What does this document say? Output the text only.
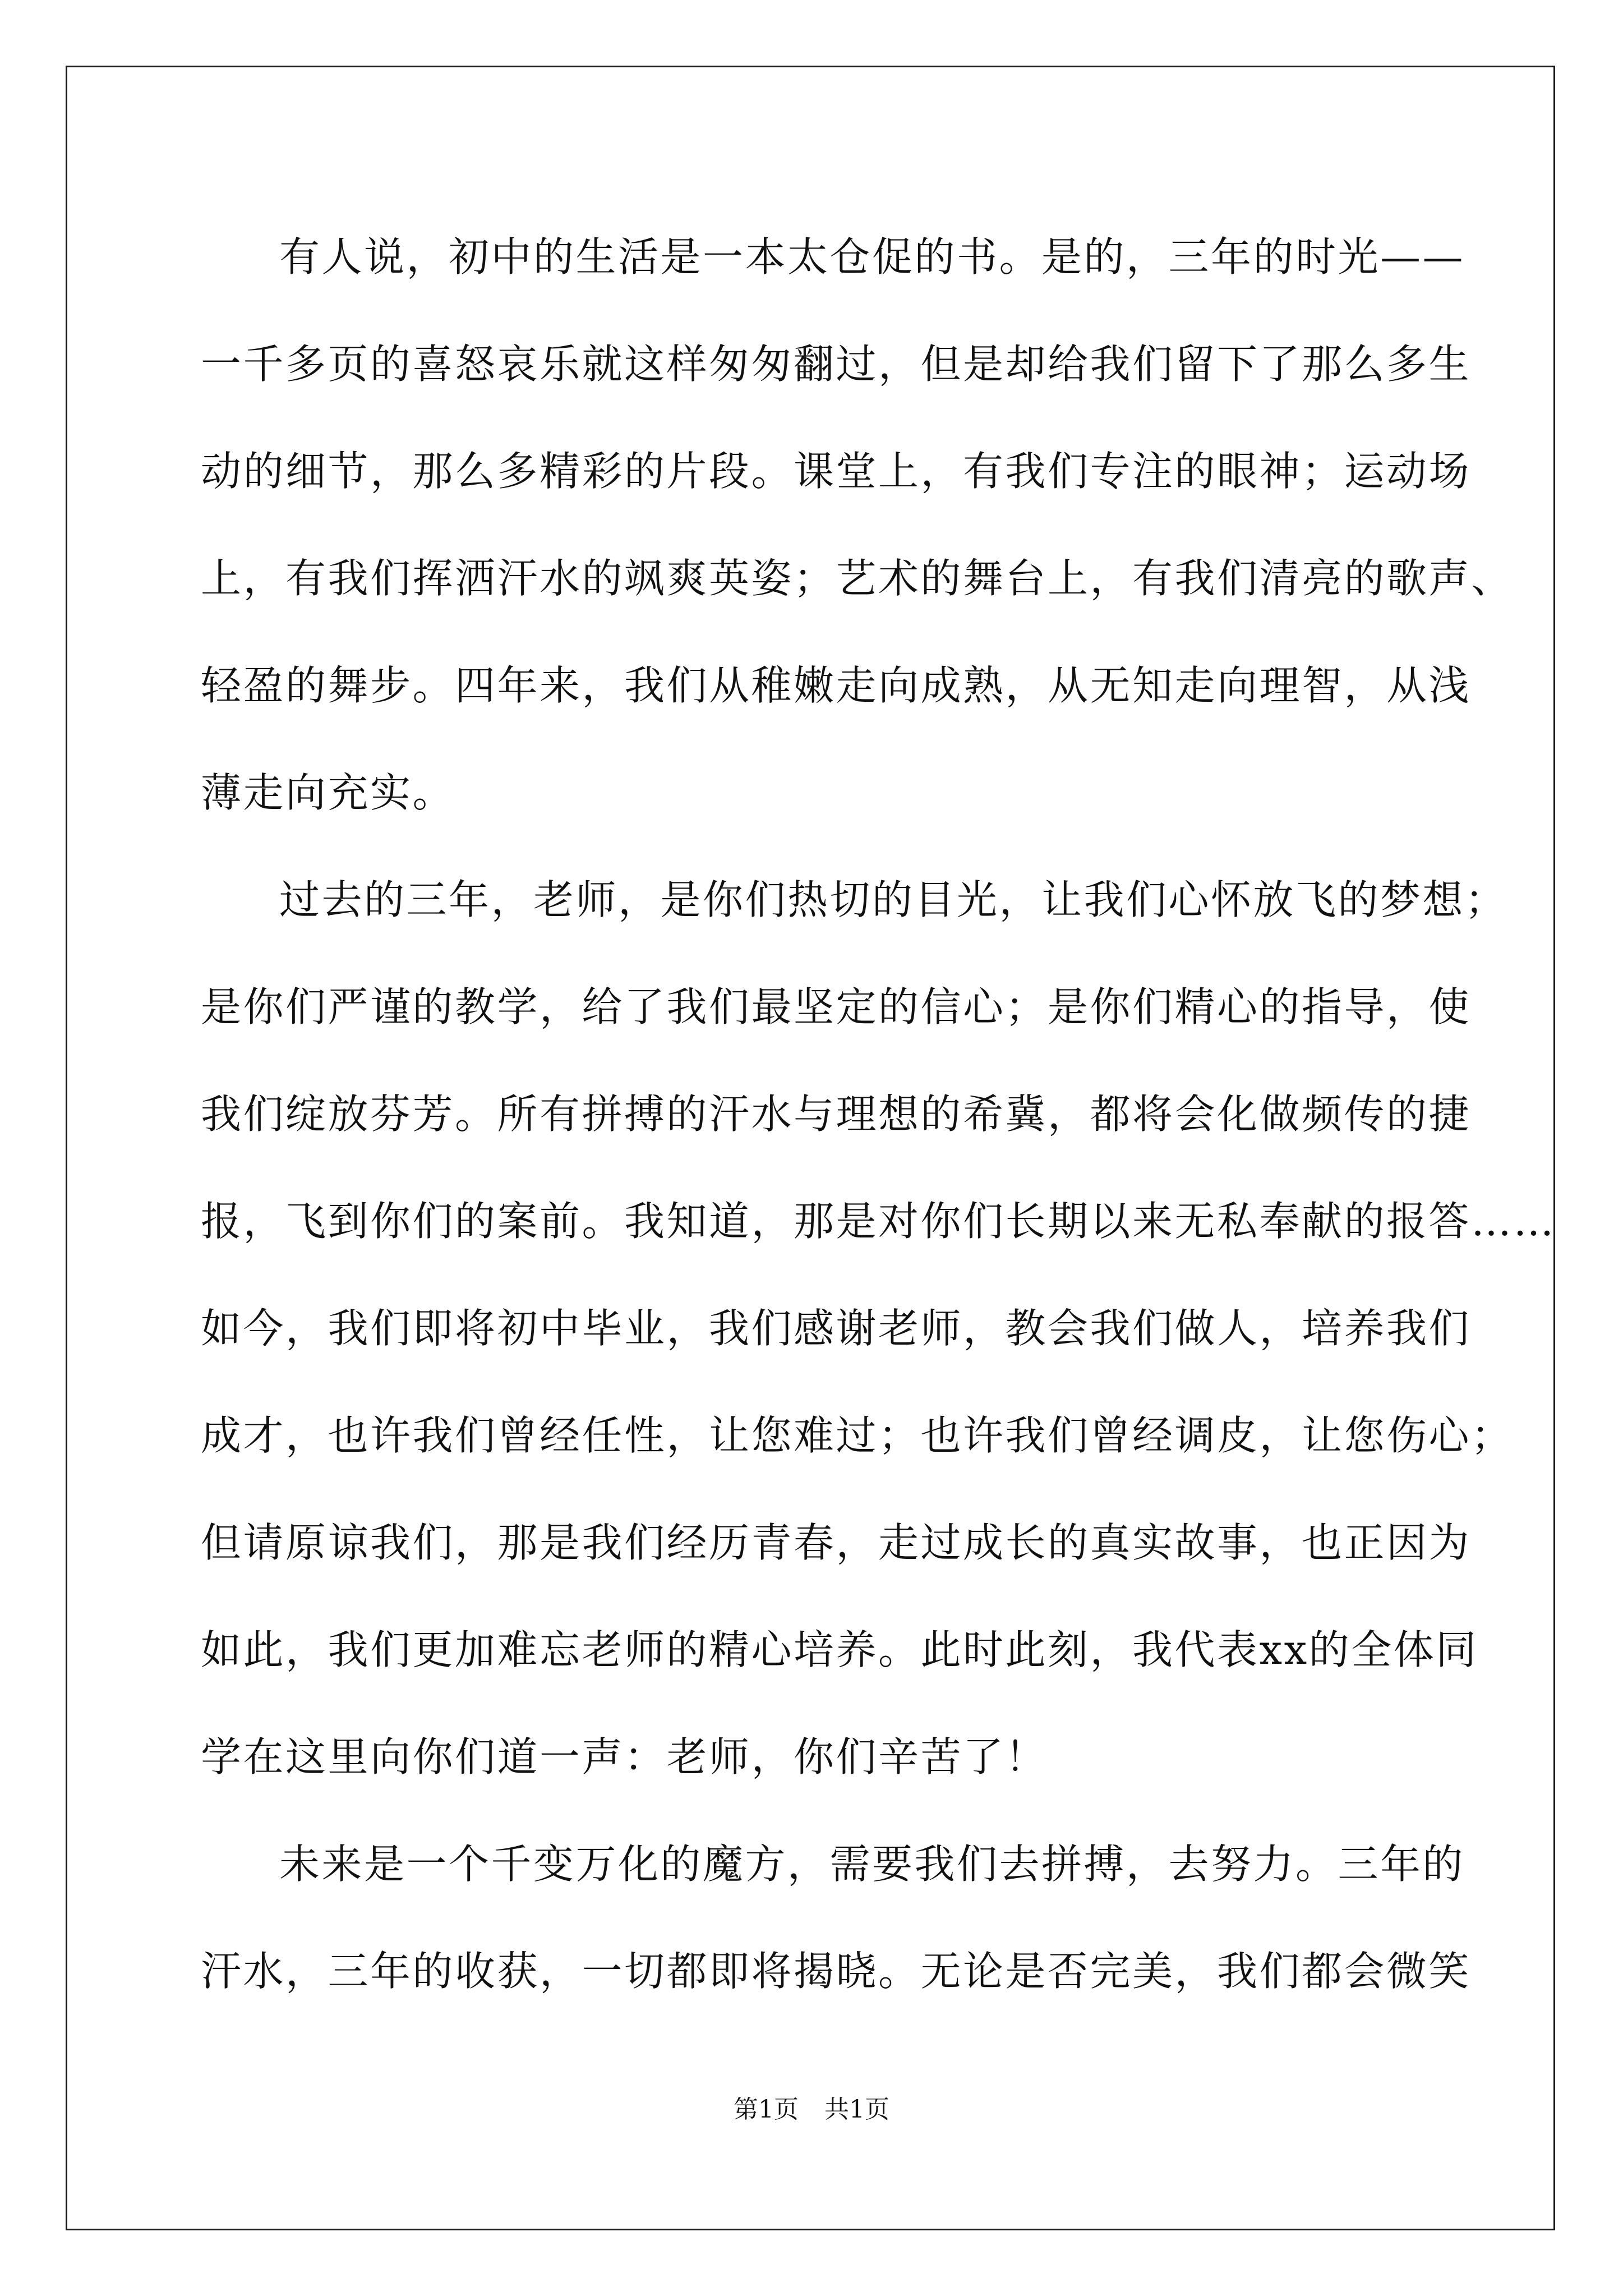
有人说，初中的生活是一本太仓促的书。是的，三年的时光——
一千多页的喜怒哀乐就这样匆匆翻过，但是却给我们留下了那么多生
动的细节，那么多精彩的片段。课堂上，有我们专注的眼神；运动场
上，有我们挥洒汗水的飒爽英姿；艺术的舞台上，有我们清亮的歌声、
轻盈的舞步。四年来，我们从稚嫩走向成熟，从无知走向理智，从浅
薄走向充实。
过去的三年，老师，是你们热切的目光，让我们心怀放飞的梦想；
是你们严谨的教学，给了我们最坚定的信心；是你们精心的指导，使
我们绽放芬芳。所有拼搏的汗水与理想的希冀，都将会化做频传的捷
报，飞到你们的案前。我知道，那是对你们长期以来无私奉献的报答……
如今，我们即将初中毕业，我们感谢老师，教会我们做人，培养我们
成才，也许我们曾经任性，让您难过；也许我们曾经调皮，让您伤心；
但请原谅我们，那是我们经历青春，走过成长的真实故事，也正因为
如此，我们更加难忘老师的精心培养。此时此刻，我代表xx的全体同
学在这里向你们道一声：老师，你们辛苦了！
未来是一个千变万化的魔方，需要我们去拼搏，去努力。三年的
汗水，三年的收获，一切都即将揭晓。无论是否完美，我们都会微笑
第1页 共1页
